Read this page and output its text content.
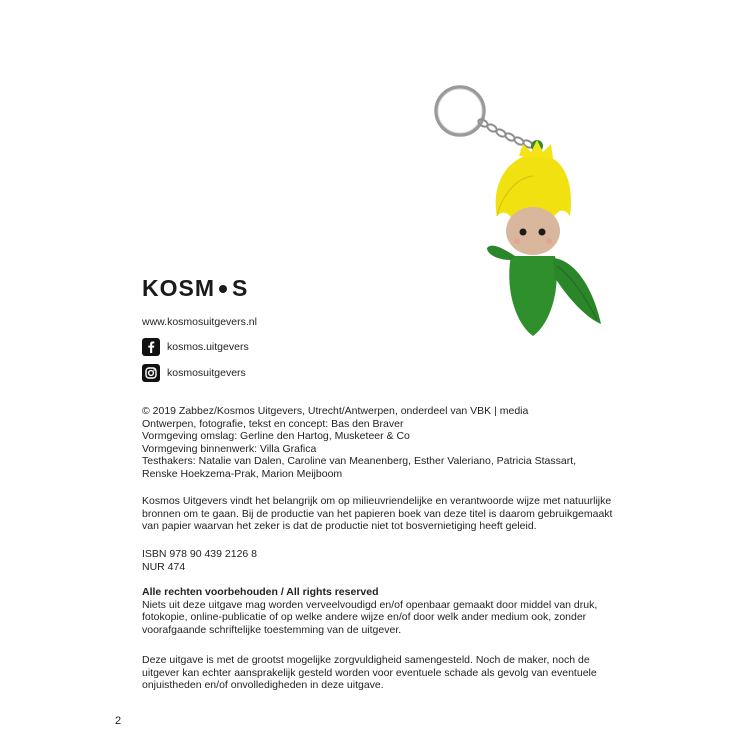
KOSM S
www.kosmosuitgevers.nl
kosmos.uitgevers
kosmosuitgevers
© 2019 Zabbez/Kosmos Uitgevers, Utrecht/Antwerpen, onderdeel van VBK | media
Ontwerpen, fotografie, tekst en concept: Bas den Braver
Vormgeving omslag: Gerline den Hartog, Musketeer & Co
Vormgeving binnenwerk: Villa Grafica
Testhakers: Natalie van Dalen, Caroline van Meanenberg, Esther Valeriano, Patricia Stassart,
Renske Hoekzema-Prak, Marion Meijboom
Kosmos Uitgevers vindt het belangrijk om op milieuvriendelijke en verantwoorde wijze met natuurlijke
bronnen om te gaan. Bij de productie van het papieren boek van deze titel is daarom gebruikgemaakt
van papier waarvan het zeker is dat de productie niet tot bosvernietiging heeft geleid.
ISBN 978 90 439 2126 8
NUR 474
Alle rechten voorbehouden / All rights reserved
Niets uit deze uitgave mag worden verveelvoudigd en/of openbaar gemaakt door middel van druk,
fotokopie, online-publicatie of op welke andere wijze en/of door welk ander medium ook, zonder
voorafgaande schriftelijke toestemming van de uitgever.
Deze uitgave is met de grootst mogelijke zorgvuldigheid samengesteld. Noch de maker, noch de
uitgever kan echter aansprakelijk gesteld worden voor eventuele schade als gevolg van eventuele
onjuistheden en/of onvolledigheden in deze uitgave.
2
